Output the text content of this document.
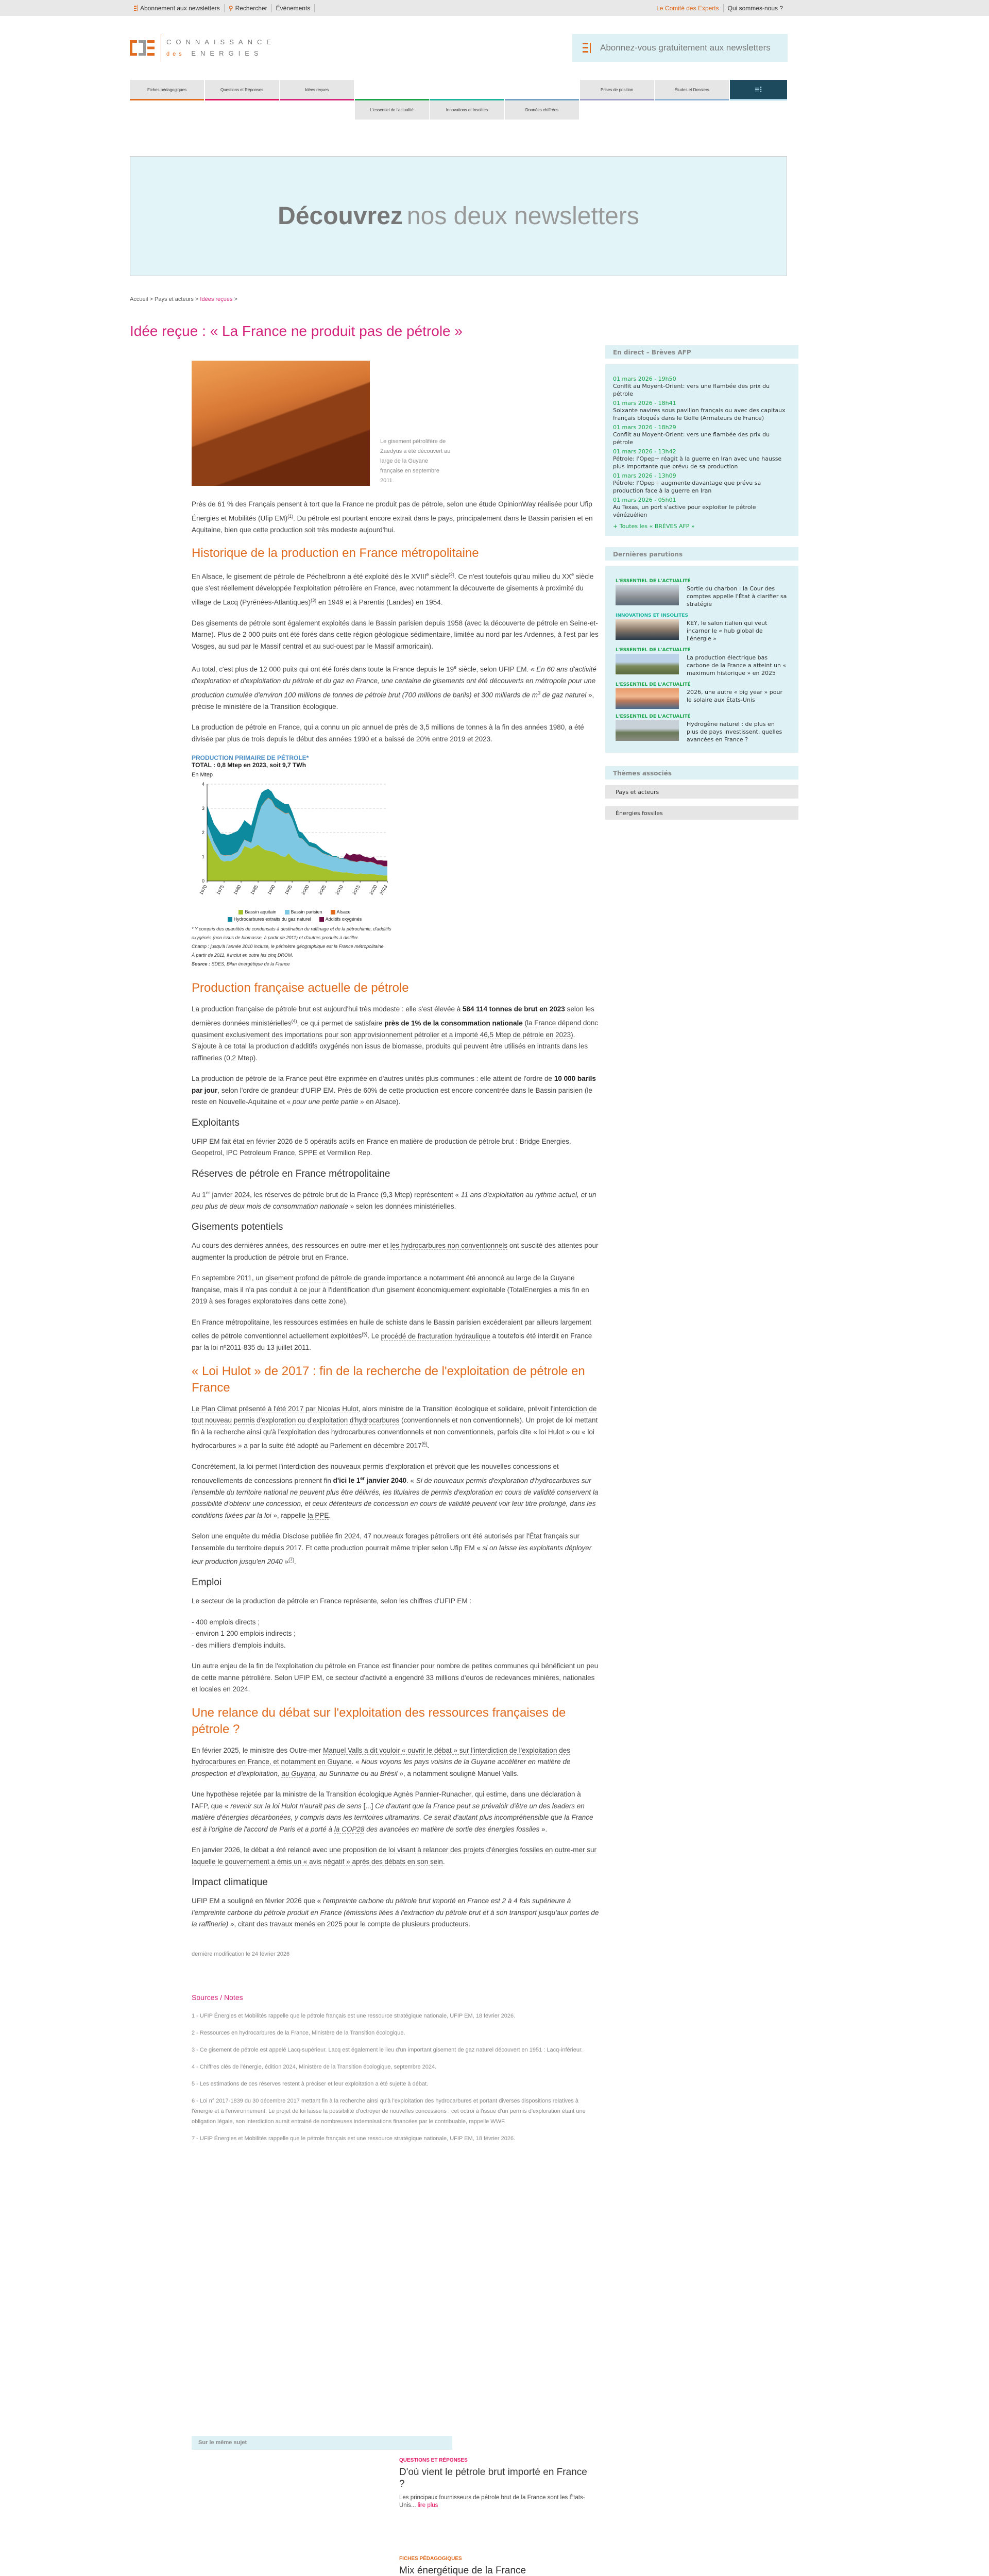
Abonnement aux newsletters ⚲ Rechercher Événements	Le Comité des Experts Qui sommes-nous ?
CONNAISSANCE
des ENERGIES
Abonnez-vous gratuitement aux newsletters
Fiches pédagogiques	Questions et Réponses	Idées reçues	Prises de position	Études et Dossiers	≡⁝
Découvrez nos deux newsletters
Accueil > Pays et acteurs > Idées reçues >
Idée reçue : « La France ne produit pas de pétrole »
Le gisement pétrolifère de Zaedyus a été découvert au large de la Guyane française en septembre 2011.

Près de 61 % des Français pensent à tort que la France ne produit pas de pétrole, selon une étude OpinionWay réalisée pour Ufip Énergies et Mobilités (Ufip EM)$^{(1)}$. Du pétrole est pourtant encore extrait dans le pays, principalement dans le Bassin parisien et en Aquitaine, bien que cette production soit très modeste aujourd'hui.

Historique de la production en France métropolitaine

En Alsace, le gisement de pétrole de Péchelbronn a été exploité dès le XVIIIe siècle$^{(2)}$. Ce n'est toutefois qu'au milieu du XXe siècle que s'est réellement développée l'exploitation pétrolière en France, avec notamment la découverte de gisements à proximité du village de Lacq (Pyrénées-Atlantiques)$^{(3)}$ en 1949 et à Parentis (Landes) en 1954.

Des gisements de pétrole sont également exploités dans le Bassin parisien depuis 1958 (avec la découverte de pétrole en Seine-et-Marne). Plus de 2 000 puits ont été forés dans cette région géologique sédimentaire, limitée au nord par les Ardennes, à l'est par les Vosges, au sud par le Massif central et au sud-ouest par le Massif armoricain).

Au total, c'est plus de 12 000 puits qui ont été forés dans toute la France depuis le 19e siècle, selon UFIP EM. « En 60 ans d'activité d'exploration et d'exploitation du pétrole et du gaz en France, une centaine de gisements ont été découverts en métropole pour une production cumulée d'environ 100 millions de tonnes de pétrole brut (700 millions de barils) et 300 milliards de $m^3$ de gaz naturel », précise le ministère de la Transition écologique.

La production de pétrole en France, qui a connu un pic annuel de près de 3,5 millions de tonnes à la fin des années 1980, a été divisée par plus de trois depuis le début des années 1990 et a baissé de 20% entre 2019 et 2023.

PRODUCTION PRIMAIRE DE PÉTROLE*
TOTAL : 0,8 Mtep en 2023, soit 9,7 TWh
En Mtep
0
1
2
3
4
1970 1975 1980 1985 1990 1995 2000 2005 2010 2015 2020 2023
Bassin aquitain	Bassin parisien	Alsace
Hydrocarbures extraits du gaz naturel	Additifs oxygénés
* Y compris des quantités de condensats à destination du raffinage et de la pétrochimie, d'additifs oxygénés (non issus de biomasse, à partir de 2011) et d'autres produits à distiller.
Champ : jusqu'à l'année 2010 incluse, le périmètre géographique est la France métropolitaine.
À partir de 2011, il inclut en outre les cinq DROM.
Source : SDES, Bilan énergétique de la France
Production française actuelle de pétrole

La production française de pétrole brut est aujourd'hui très modeste : elle s'est élevée à 584 114 tonnes de brut en 2023 selon les dernières données ministérielles$^{(4)}$, ce qui permet de satisfaire près de 1% de la consommation nationale (la France dépend donc quasiment exclusivement des importations pour son approvisionnement pétrolier et a importé 46,5 Mtep de pétrole en 2023). S'ajoute à ce total la production d'additifs oxygénés non issus de biomasse, produits qui peuvent être utilisés en intrants dans les raffineries (0,2 Mtep).

La production de pétrole de la France peut être exprimée en d'autres unités plus communes : elle atteint de l'ordre de 10 000 barils par jour, selon l'ordre de grandeur d'UFIP EM. Près de 60% de cette production est encore concentrée dans le Bassin parisien (le reste en Nouvelle-Aquitaine et « pour une petite partie » en Alsace).

Exploitants

UFIP EM fait état en février 2026 de 5 opératifs actifs en France en matière de production de pétrole brut : Bridge Energies, Geopetrol, IPC Petroleum France, SPPE et Vermilion Rep.

Réserves de pétrole en France métropolitaine

Au 1er janvier 2024, les réserves de pétrole brut de la France (9,3 Mtep) représentent « 11 ans d'exploitation au rythme actuel, et un peu plus de deux mois de consommation nationale » selon les données ministérielles.

Gisements potentiels

Au cours des dernières années, des ressources en outre-mer et les hydrocarbures non conventionnels ont suscité des attentes pour augmenter la production de pétrole brut en France.

En septembre 2011, un gisement profond de pétrole de grande importance a notamment été annoncé au large de la Guyane française, mais il n'a pas conduit à ce jour à l'identification d'un gisement économiquement exploitable (TotalEnergies a mis fin en 2019 à ses forages exploratoires dans cette zone).

En France métropolitaine, les ressources estimées en huile de schiste dans le Bassin parisien excéderaient par ailleurs largement celles de pétrole conventionnel actuellement exploitées$^{(5)}$. Le procédé de fracturation hydraulique a toutefois été interdit en France par la loi nº2011-835 du 13 juillet 2011.

« Loi Hulot » de 2017 : fin de la recherche de l'exploitation de pétrole en France

Le Plan Climat présenté à l'été 2017 par Nicolas Hulot, alors ministre de la Transition écologique et solidaire, prévoit l'interdiction de tout nouveau permis d'exploration ou d'exploitation d'hydrocarbures (conventionnels et non conventionnels). Un projet de loi mettant fin à la recherche ainsi qu'à l'exploitation des hydrocarbures conventionnels et non conventionnels, parfois dite « loi Hulot » ou « loi hydrocarbures » a par la suite été adopté au Parlement en décembre 2017$^{(6)}$.

Concrètement, la loi permet l'interdiction des nouveaux permis d'exploration et prévoit que les nouvelles concessions et renouvellements de concessions prennent fin d'ici le 1er janvier 2040. « Si de nouveaux permis d'exploration d'hydrocarbures sur l'ensemble du territoire national ne peuvent plus être délivrés, les titulaires de permis d'exploration en cours de validité conservent la possibilité d'obtenir une concession, et ceux détenteurs de concession en cours de validité peuvent voir leur titre prolongé, dans les conditions fixées par la loi », rappelle la PPE.

Selon une enquête du média Disclose publiée fin 2024, 47 nouveaux forages pétroliers ont été autorisés par l'État français sur l'ensemble du territoire depuis 2017. Et cette production pourrait même tripler selon Ufip EM « si on laisse les exploitants déployer leur production jusqu'en 2040 »$^{(7)}$.

Emploi

Le secteur de la production de pétrole en France représente, selon les chiffres d'UFIP EM :

- 400 emplois directs ;
- environ 1 200 emplois indirects ;
- des milliers d'emplois induits.

Un autre enjeu de la fin de l'exploitation du pétrole en France est financier pour nombre de petites communes qui bénéficient un peu de cette manne pétrolière. Selon UFIP EM, ce secteur d'activité a engendré 33 millions d'euros de redevances minières, nationales et locales en 2024.

Une relance du débat sur l'exploitation des ressources françaises de pétrole ?

En février 2025, le ministre des Outre-mer Manuel Valls a dit vouloir « ouvrir le débat » sur l'interdiction de l'exploitation des hydrocarbures en France, et notamment en Guyane. « Nous voyons les pays voisins de la Guyane accélérer en matière de prospection et d'exploitation, au Guyana, au Suriname ou au Brésil », a notamment souligné Manuel Valls.

Une hypothèse rejetée par la ministre de la Transition écologique Agnès Pannier-Runacher, qui estime, dans une déclaration à l'AFP, que « revenir sur la loi Hulot n'aurait pas de sens [...] Ce d'autant que la France peut se prévaloir d'être un des leaders en matière d'énergies décarbonées, y compris dans les territoires ultramarins. Ce serait d'autant plus incompréhensible que la France est à l'origine de l'accord de Paris et a porté à la COP28 des avancées en matière de sortie des énergies fossiles ».

En janvier 2026, le débat a été relancé avec une proposition de loi visant à relancer des projets d'énergies fossiles en outre-mer sur laquelle le gouvernement a émis un « avis négatif » après des débats en son sein.

Impact climatique

UFIP EM a souligné en février 2026 que « l'empreinte carbone du pétrole brut importé en France est 2 à 4 fois supérieure à l'empreinte carbone du pétrole produit en France (émissions liées à l'extraction du pétrole brut et à son transport jusqu'aux portes de la raffinerie) », citant des travaux menés en 2025 pour le compte de plusieurs producteurs.

dernière modification le 24 février 2026
Sources / Notes
1 - UFIP Énergies et Mobilités rappelle que le pétrole français est une ressource stratégique nationale, UFIP EM, 18 février 2026.
2 - Ressources en hydrocarbures de la France, Ministère de la Transition écologique.
3 - Ce gisement de pétrole est appelé Lacq-supérieur. Lacq est également le lieu d'un important gisement de gaz naturel découvert en 1951 : Lacq-inférieur.
4 - Chiffres clés de l'énergie, édition 2024, Ministère de la Transition écologique, septembre 2024.
5 - Les estimations de ces réserves restent à préciser et leur exploitation a été sujette à débat.
6 - Loi n° 2017-1839 du 30 décembre 2017 mettant fin à la recherche ainsi qu'à l'exploitation des hydrocarbures et portant diverses dispositions relatives à l'énergie et à l'environnement. Le projet de loi laisse la possibilité d'octroyer de nouvelles concessions : cet octroi à l'issue d'un permis d'exploration étant une obligation légale, son interdiction aurait entrainé de nombreuses indemnisations financées par le contribuable, rappelle WWF.
7 - UFIP Énergies et Mobilités rappelle que le pétrole français est une ressource stratégique nationale, UFIP EM, 18 février 2026.
En direct – Brèves AFP
01 mars 2026 - 19h50
Conflit au Moyent-Orient: vers une flambée des prix du pétrole
01 mars 2026 - 18h41
Soixante navires sous pavillon français ou avec des capitaux français bloqués dans le Golfe (Armateurs de France)
01 mars 2026 - 18h29
Conflit au Moyent-Orient: vers une flambée des prix du pétrole
01 mars 2026 - 13h42
Pétrole: l'Opep+ réagit à la guerre en Iran avec une hausse plus importante que prévu de sa production
01 mars 2026 - 13h09
Pétrole: l'Opep+ augmente davantage que prévu sa production face à la guerre en Iran
01 mars 2026 - 05h01
Au Texas, un port s'active pour exploiter le pétrole vénézuélien
+ Toutes les « BRÈVES AFP »
Dernières parutions
L'ESSENTIEL DE L'ACTUALITÉ
Sortie du charbon : la Cour des comptes appelle l'État à clarifier sa stratégie
INNOVATIONS ET INSOLITES
KEY, le salon italien qui veut incarner le « hub global de l'énergie »
L'ESSENTIEL DE L'ACTUALITÉ
La production électrique bas carbone de la France a atteint un « maximum historique » en 2025
L'ESSENTIEL DE L'ACTUALITÉ
2026, une autre « big year » pour le solaire aux États-Unis
L'ESSENTIEL DE L'ACTUALITÉ
Hydrogène naturel : de plus en plus de pays investissent, quelles avancées en France ?
Thèmes associés
Pays et acteurs
Énergies fossiles
Sur le même sujet
QUESTIONS ET RÉPONSES
D'où vient le pétrole brut importé en France ?
Les principaux fournisseurs de pétrole brut de la France sont les États-Unis... lire plus
FICHES PÉDAGOGIQUES
Mix énergétique de la France
L'essentiel de l'actualité	Innovations et Insolites	Données chiffrées
